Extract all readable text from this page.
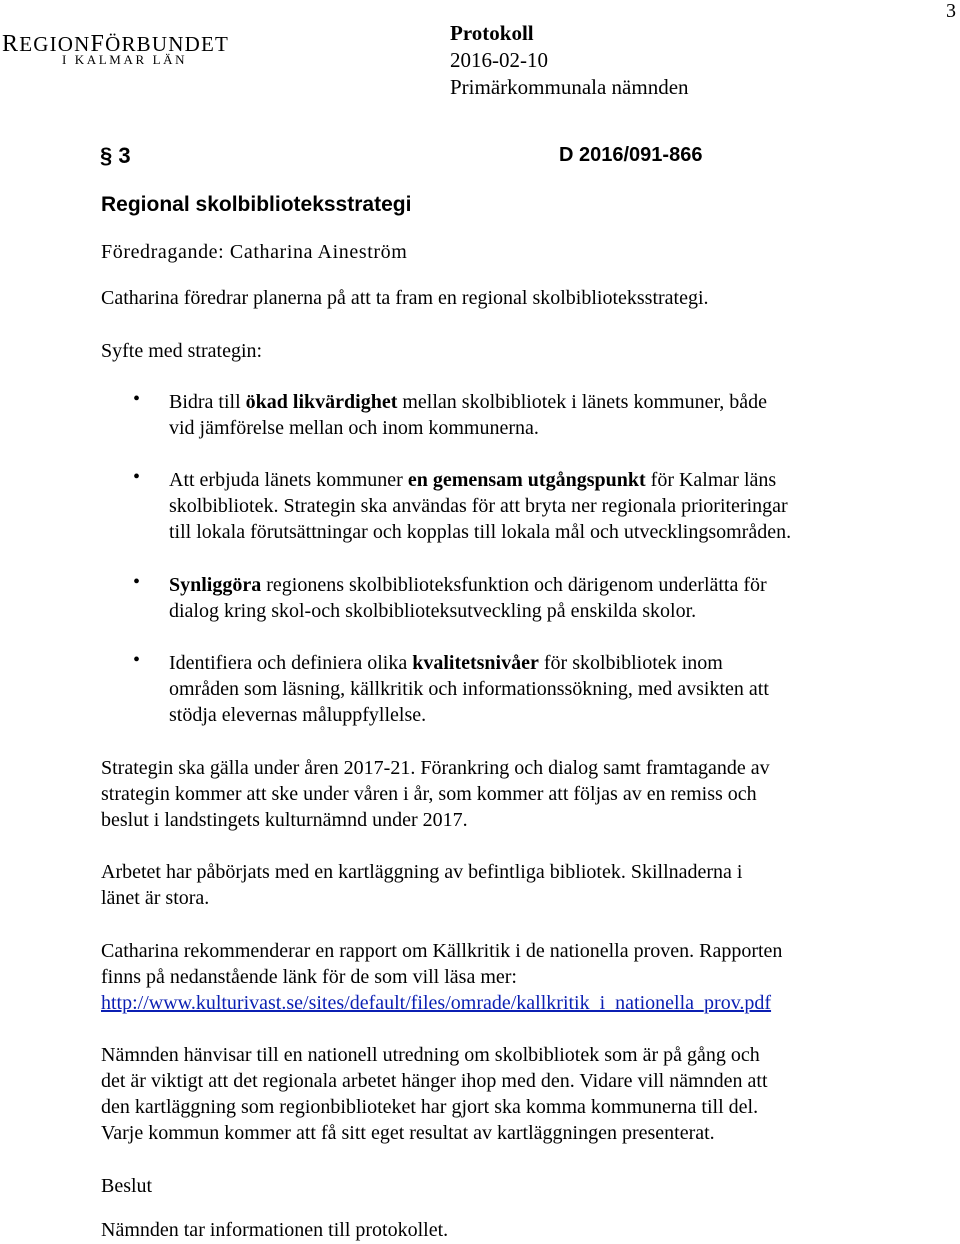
3
REGIONFÖRBUNDET
I KALMAR LÄN
Protokoll
2016-02-10
Primärkommunala nämnden
§ 3	D 2016/091-866
Regional skolbiblioteksstrategi
Föredragande: Catharina Aineström
Catharina föredrar planerna på att ta fram en regional skolbiblioteksstrategi.
Syfte med strategin:
• Bidra till ökad likvärdighet mellan skolbibliotek i länets kommuner, både
vid jämförelse mellan och inom kommunerna.
• Att erbjuda länets kommuner en gemensam utgångspunkt för Kalmar läns
skolbibliotek. Strategin ska användas för att bryta ner regionala prioriteringar
till lokala förutsättningar och kopplas till lokala mål och utvecklingsområden.
• Synliggöra regionens skolbiblioteksfunktion och därigenom underlätta för
dialog kring skol-och skolbiblioteksutveckling på enskilda skolor.
• Identifiera och definiera olika kvalitetsnivåer för skolbibliotek inom
områden som läsning, källkritik och informationssökning, med avsikten att
stödja elevernas måluppfyllelse.
Strategin ska gälla under åren 2017-21. Förankring och dialog samt framtagande av
strategin kommer att ske under våren i år, som kommer att följas av en remiss och
beslut i landstingets kulturnämnd under 2017.
Arbetet har påbörjats med en kartläggning av befintliga bibliotek. Skillnaderna i
länet är stora.
Catharina rekommenderar en rapport om Källkritik i de nationella proven. Rapporten
finns på nedanstående länk för de som vill läsa mer:
http://www.kulturivast.se/sites/default/files/omrade/kallkritik_i_nationella_prov.pdf
Nämnden hänvisar till en nationell utredning om skolbibliotek som är på gång och
det är viktigt att det regionala arbetet hänger ihop med den. Vidare vill nämnden att
den kartläggning som regionbiblioteket har gjort ska komma kommunerna till del.
Varje kommun kommer att få sitt eget resultat av kartläggningen presenterat.
Beslut
Nämnden tar informationen till protokollet.
